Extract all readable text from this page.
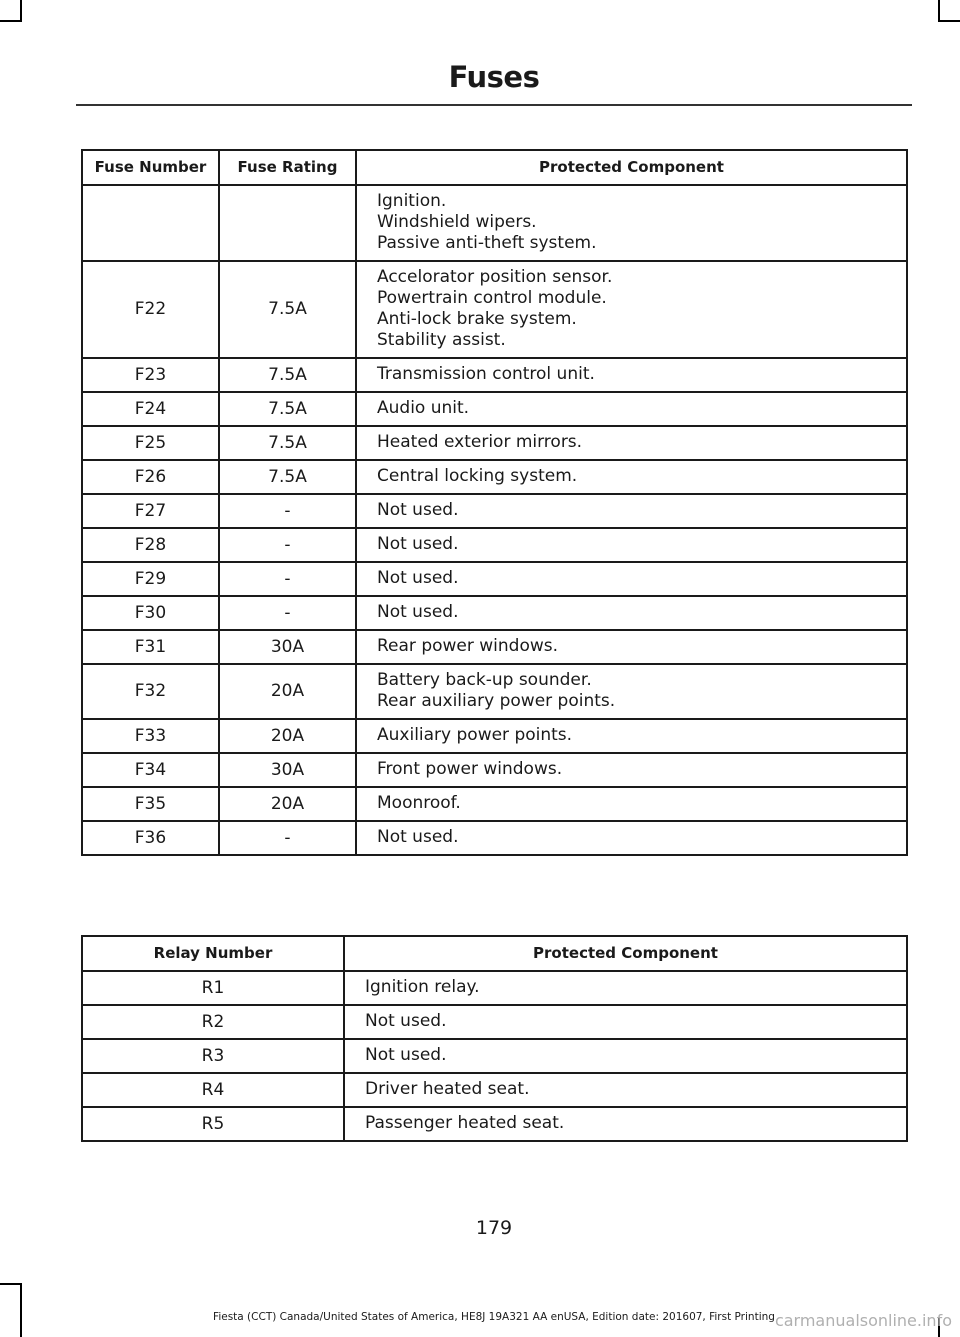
Fuses
Fuse Number	Fuse Rating	Protected Component

		Ignition.
Windshield wipers.
Passive anti-theft system.

F22	7.5A	Accelorator position sensor.
Powertrain control module.
Anti-lock brake system.
Stability assist.

F23	7.5A	Transmission control unit.

F24	7.5A	Audio unit.

F25	7.5A	Heated exterior mirrors.

F26	7.5A	Central locking system.

F27	-	Not used.

F28	-	Not used.

F29	-	Not used.

F30	-	Not used.

F31	30A	Rear power windows.

F32	20A	Battery back-up sounder.
Rear auxiliary power points.

F33	20A	Auxiliary power points.

F34	30A	Front power windows.

F35	20A	Moonroof.

F36	-	Not used.
Relay Number	Protected Component
R1	Ignition relay.
R2	Not used.
R3	Not used.
R4	Driver heated seat.
R5	Passenger heated seat.
179
Fiesta (CCT) Canada/United States of America, HE8J 19A321 AA enUSA, Edition date: 201607, First Printing carmanualsonline.info
